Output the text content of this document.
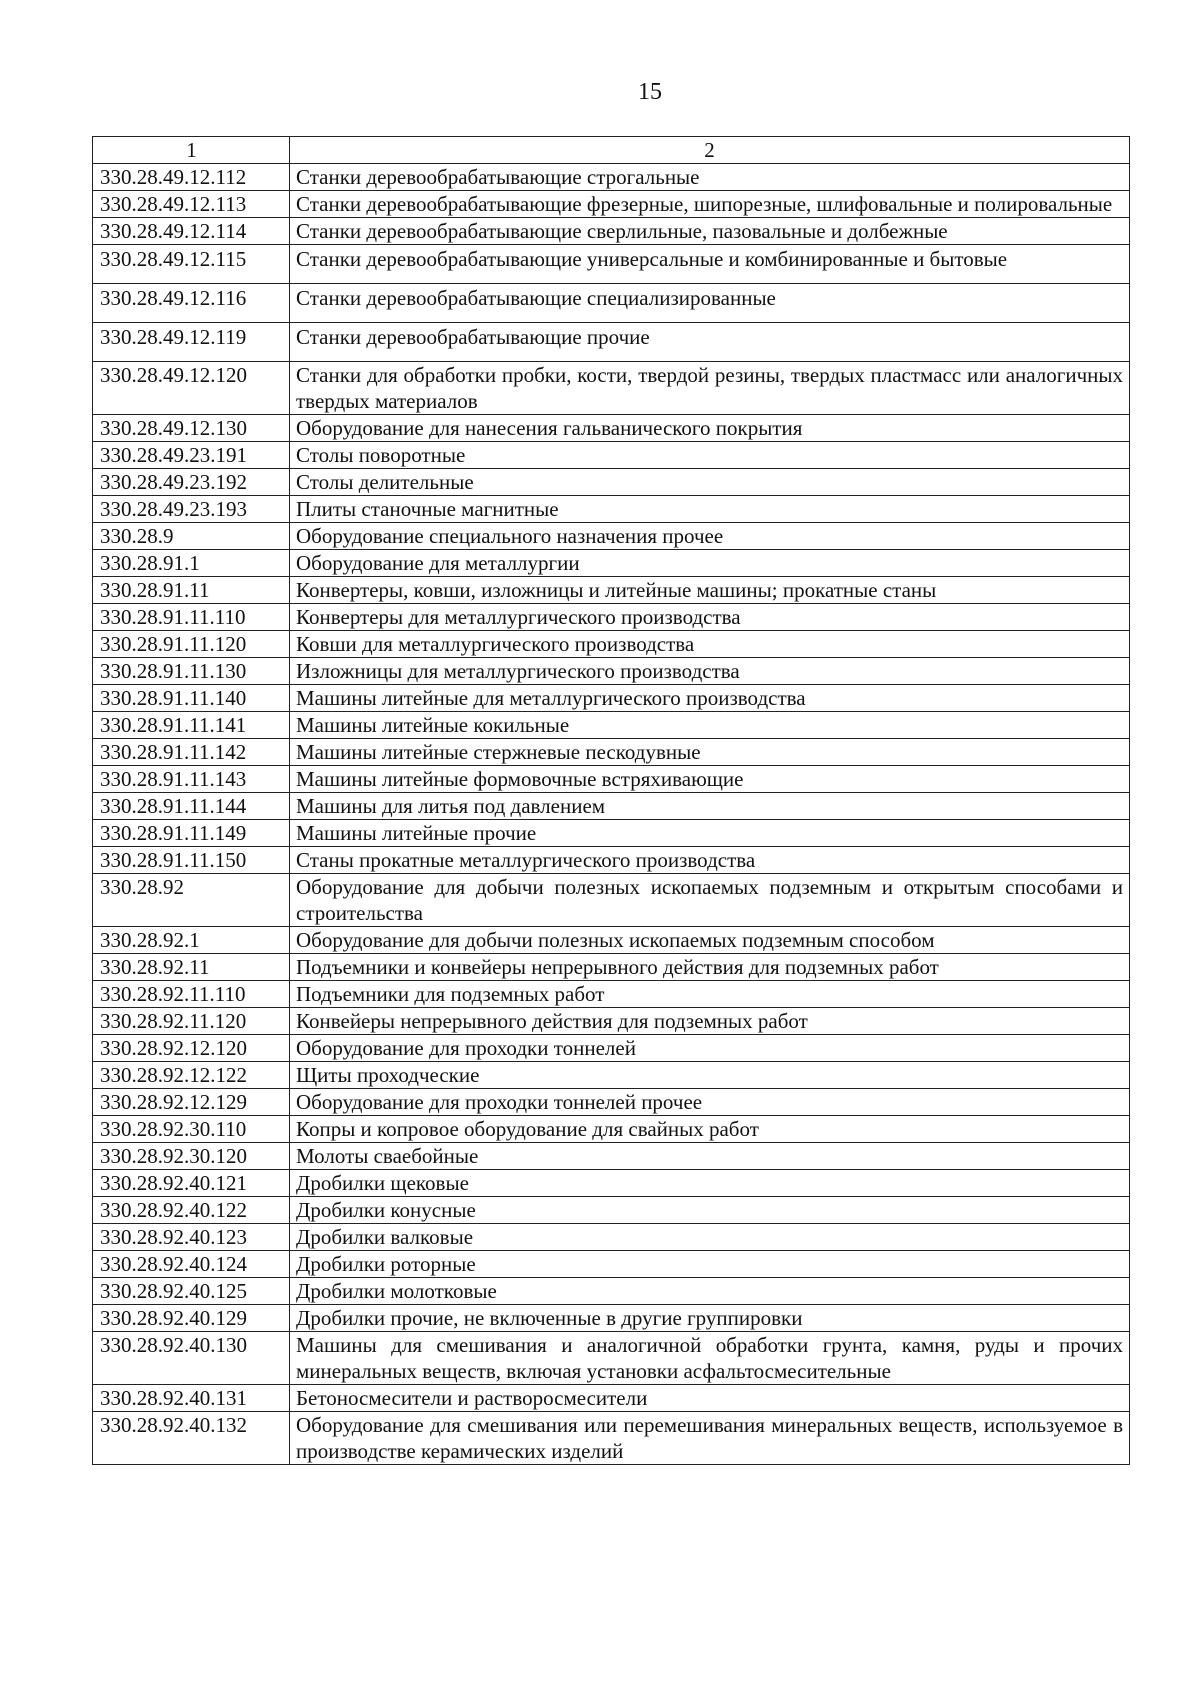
15
1	2
330.28.49.12.112	Станки деревообрабатывающие строгальные
330.28.49.12.113	Станки деревообрабатывающие фрезерные, шипорезные, шлифовальные и полировальные
330.28.49.12.114	Станки деревообрабатывающие сверлильные, пазовальные и долбежные
330.28.49.12.115	Станки деревообрабатывающие универсальные и комбинированные и бытовые
330.28.49.12.116	Станки деревообрабатывающие специализированные
330.28.49.12.119	Станки деревообрабатывающие прочие
330.28.49.12.120	Станки для обработки пробки, кости, твердой резины, твердых пластмасс или аналогичных твердых материалов
330.28.49.12.130	Оборудование для нанесения гальванического покрытия
330.28.49.23.191	Столы поворотные
330.28.49.23.192	Столы делительные
330.28.49.23.193	Плиты станочные магнитные
330.28.9	Оборудование специального назначения прочее
330.28.91.1	Оборудование для металлургии
330.28.91.11	Конвертеры, ковши, изложницы и литейные машины; прокатные станы
330.28.91.11.110	Конвертеры для металлургического производства
330.28.91.11.120	Ковши для металлургического производства
330.28.91.11.130	Изложницы для металлургического производства
330.28.91.11.140	Машины литейные для металлургического производства
330.28.91.11.141	Машины литейные кокильные
330.28.91.11.142	Машины литейные стержневые пескодувные
330.28.91.11.143	Машины литейные формовочные встряхивающие
330.28.91.11.144	Машины для литья под давлением
330.28.91.11.149	Машины литейные прочие
330.28.91.11.150	Станы прокатные металлургического производства
330.28.92	Оборудование для добычи полезных ископаемых подземным и открытым способами и строительства
330.28.92.1	Оборудование для добычи полезных ископаемых подземным способом
330.28.92.11	Подъемники и конвейеры непрерывного действия для подземных работ
330.28.92.11.110	Подъемники для подземных работ
330.28.92.11.120	Конвейеры непрерывного действия для подземных работ
330.28.92.12.120	Оборудование для проходки тоннелей
330.28.92.12.122	Щиты проходческие
330.28.92.12.129	Оборудование для проходки тоннелей прочее
330.28.92.30.110	Копры и копровое оборудование для свайных работ
330.28.92.30.120	Молоты сваебойные
330.28.92.40.121	Дробилки щековые
330.28.92.40.122	Дробилки конусные
330.28.92.40.123	Дробилки валковые
330.28.92.40.124	Дробилки роторные
330.28.92.40.125	Дробилки молотковые
330.28.92.40.129	Дробилки прочие, не включенные в другие группировки
330.28.92.40.130	Машины для смешивания и аналогичной обработки грунта, камня, руды и прочих минеральных веществ, включая установки асфальтосмесительные
330.28.92.40.131	Бетоносмесители и растворосмесители
330.28.92.40.132	Оборудование для смешивания или перемешивания минеральных веществ, используемое в производстве керамических изделий
